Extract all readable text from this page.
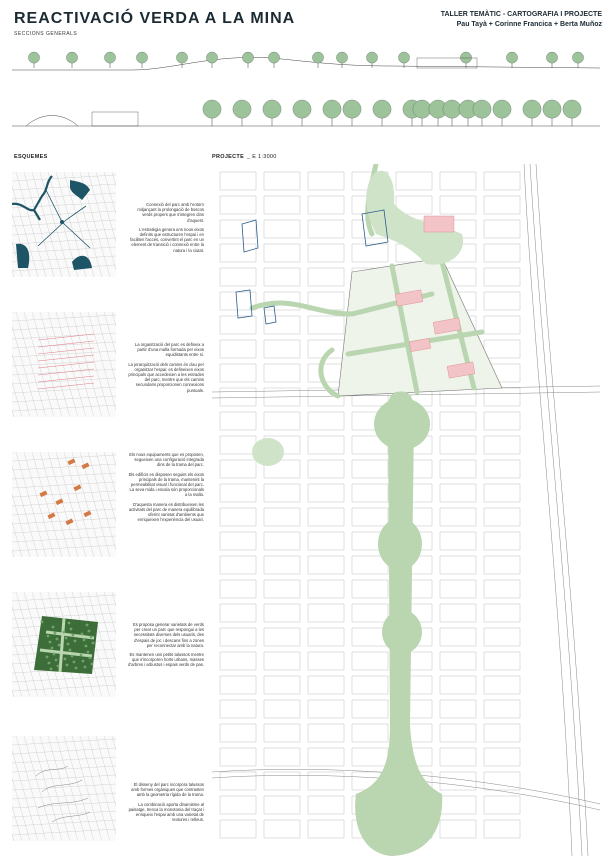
REACTIVACIÓ VERDA A LA MINA
SECCIONS GENERALS
TALLER TEMÀTIC - CARTOGRAFIA I PROJECTE
Pau Tayà + Corinne Francica + Berta Muñoz
ESQUEMES	PROJECTE _ E 1:3000

Connexió del parc amb l'entorn mitjançant la prolongació de boscos verds propers que s'integren dins d'aquest.

L'estratègia genera uns nous eixos definits que estructuren l'espai i en faciliten l'accés, convertint el parc en un element de transició i connexió entre la natura i la ciutat.

La organització del parc es defineix a partir d'una malla formada per eixos equidistants entre si.

La jerarquització dels camins és clau per organitzar l'espai: es defineixen eixos principals que accedeixen a les entrades del parc, mentre que els camins secundaris proporcionen connexions puntuals.

Els nous equipaments que es proposen, segueixen una configuració integrada dins de la trama del parc.

Els edificis es disposen seguint els eixos principals de la trama, mantenint la permeabilitat visual i funcional del parc. La seva mida i escala són proporcionals a la malla.

D'aquesta manera es distribueixen les activitats del parc de manera equilibrada oferint varietat d'ambients que enriqueixen l'experiència del usuari.

Es proposa generar varietats de verds per crear un parc que respongui a les necessitats diverses dels usuaris, des d'espais de joc i descans fins a zones per reconnectar amb la natura.

Es mantenen uns petits talussos mentre que s'incorporen horts urbans, masses d'arbres i arbustos i espais verds de pas.

El disseny del parc incorpora talussos amb formes orgàniques que contrasten amb la geometria rígida de la trama.

La combinació aporta dinamisme al paisatge, trenca la monotonia del traçat i enriqueix l'espai amb una varietat de textures i relleus.
